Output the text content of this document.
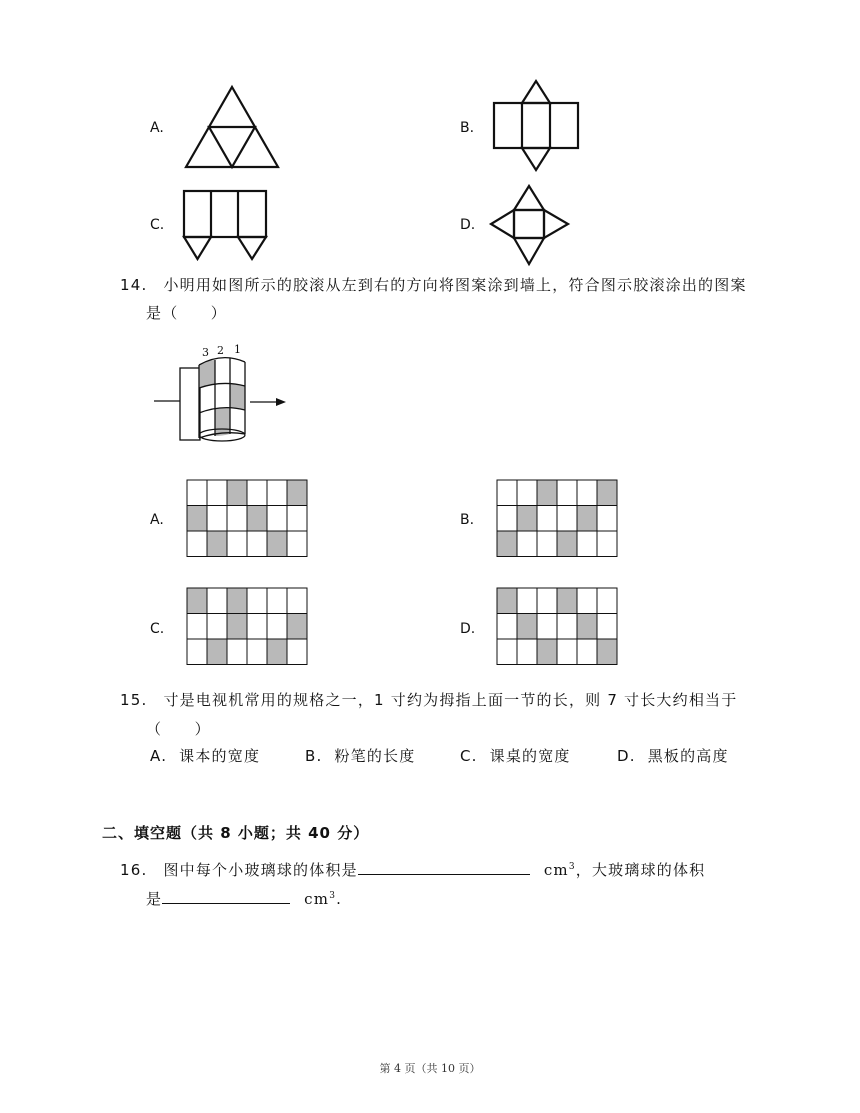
A.	B.
C.	D.
14. 小明用如图所示的胶滚从左到右的方向将图案涂到墙上，符合图示胶滚涂出的图案
是（　　）
3 2 1
A.	B.
C.	D.
15. 寸是电视机常用的规格之一，1 寸约为拇指上面一节的长，则 7 寸长大约相当于
（　　）
A. 课本的宽度	B. 粉笔的长度	C. 课桌的宽度	D. 黑板的高度
二、填空题（共 8 小题；共 40 分）
16. 图中每个小玻璃球的体积是	$cm^3$，大玻璃球的体积
是	$cm^3$.
第 4 页（共 10 页）
